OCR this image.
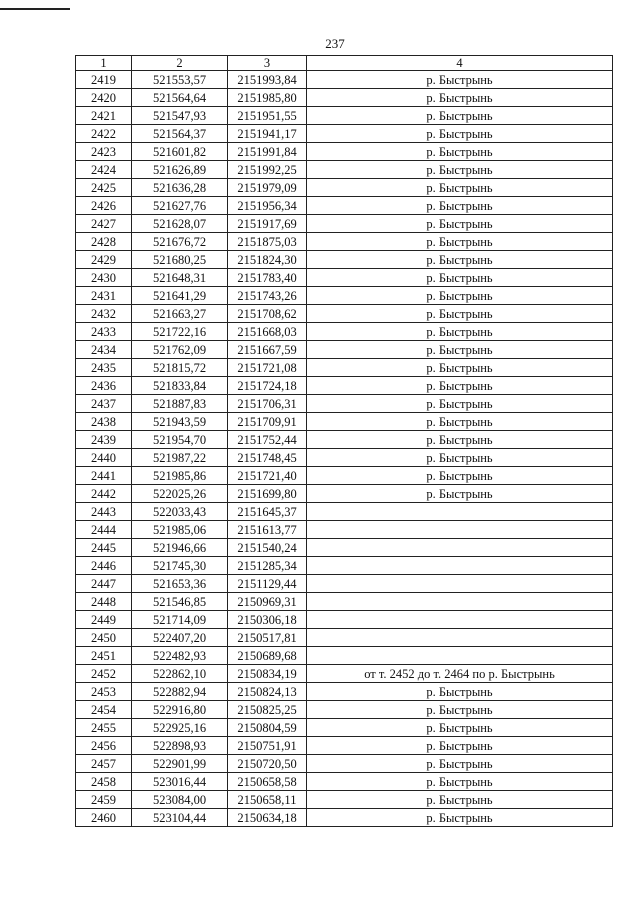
237
1	2	3	4
2419	521553,57	2151993,84	р. Быстрынь
2420	521564,64	2151985,80	р. Быстрынь
2421	521547,93	2151951,55	р. Быстрынь
2422	521564,37	2151941,17	р. Быстрынь
2423	521601,82	2151991,84	р. Быстрынь
2424	521626,89	2151992,25	р. Быстрынь
2425	521636,28	2151979,09	р. Быстрынь
2426	521627,76	2151956,34	р. Быстрынь
2427	521628,07	2151917,69	р. Быстрынь
2428	521676,72	2151875,03	р. Быстрынь
2429	521680,25	2151824,30	р. Быстрынь
2430	521648,31	2151783,40	р. Быстрынь
2431	521641,29	2151743,26	р. Быстрынь
2432	521663,27	2151708,62	р. Быстрынь
2433	521722,16	2151668,03	р. Быстрынь
2434	521762,09	2151667,59	р. Быстрынь
2435	521815,72	2151721,08	р. Быстрынь
2436	521833,84	2151724,18	р. Быстрынь
2437	521887,83	2151706,31	р. Быстрынь
2438	521943,59	2151709,91	р. Быстрынь
2439	521954,70	2151752,44	р. Быстрынь
2440	521987,22	2151748,45	р. Быстрынь
2441	521985,86	2151721,40	р. Быстрынь
2442	522025,26	2151699,80	р. Быстрынь
2443	522033,43	2151645,37	
2444	521985,06	2151613,77	
2445	521946,66	2151540,24	
2446	521745,30	2151285,34	
2447	521653,36	2151129,44	
2448	521546,85	2150969,31	
2449	521714,09	2150306,18	
2450	522407,20	2150517,81	
2451	522482,93	2150689,68	
2452	522862,10	2150834,19	от т. 2452 до т. 2464 по р. Быстрынь
2453	522882,94	2150824,13	р. Быстрынь
2454	522916,80	2150825,25	р. Быстрынь
2455	522925,16	2150804,59	р. Быстрынь
2456	522898,93	2150751,91	р. Быстрынь
2457	522901,99	2150720,50	р. Быстрынь
2458	523016,44	2150658,58	р. Быстрынь
2459	523084,00	2150658,11	р. Быстрынь
2460	523104,44	2150634,18	р. Быстрынь
